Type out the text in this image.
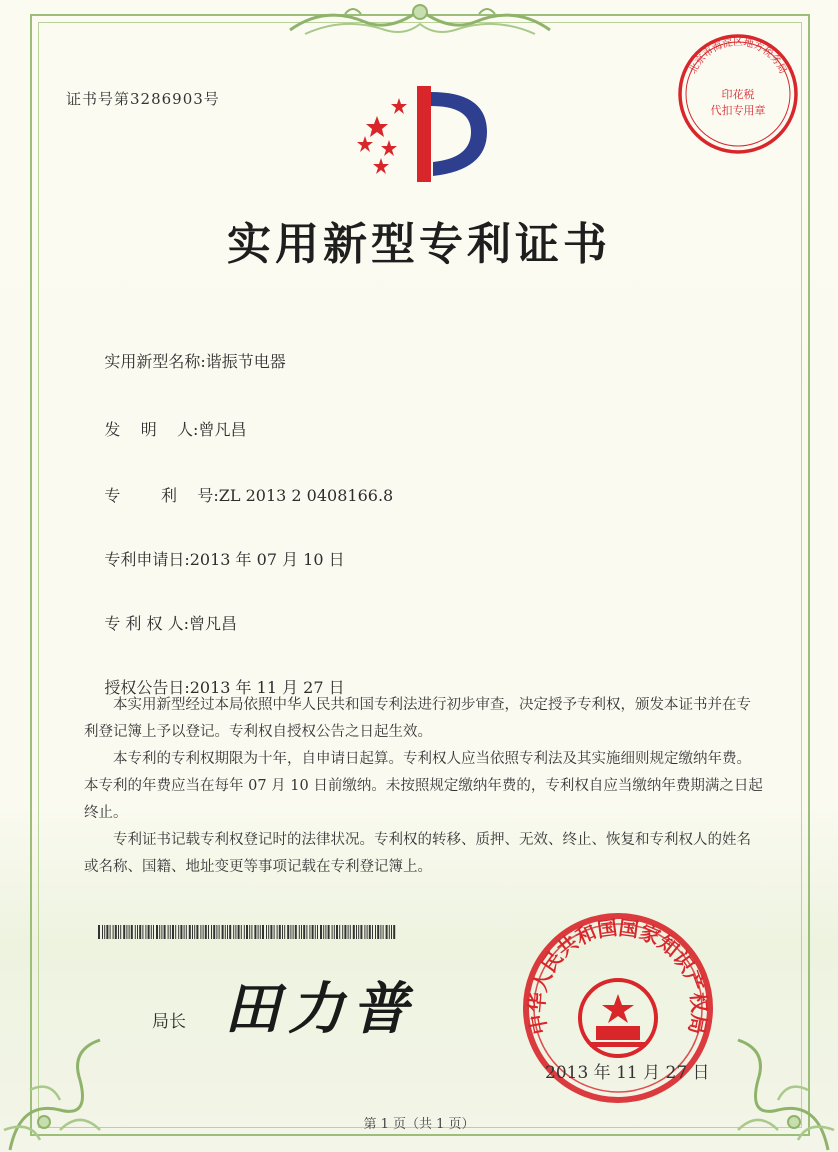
证书号第3286903号
实用新型专利证书

实用新型名称:谐振节电器

发    明    人:曾凡昌

专        利    号:ZL 2013 2 0408166.8

专利申请日:2013 年 07 月 10 日

专 利 权 人:曾凡昌

授权公告日:2013 年 11 月 27 日

本实用新型经过本局依照中华人民共和国专利法进行初步审查，决定授予专利权，颁发本证书并在专利登记簿上予以登记。专利权自授权公告之日起生效。

本专利的专利权期限为十年，自申请日起算。专利权人应当依照专利法及其实施细则规定缴纳年费。本专利的年费应当在每年 07 月 10 日前缴纳。未按照规定缴纳年费的，专利权自应当缴纳年费期满之日起终止。

专利证书记载专利权登记时的法律状况。专利权的转移、质押、无效、终止、恢复和专利权人的姓名或名称、国籍、地址变更等事项记载在专利登记簿上。

局长 田力普	中华人民共和国国家知识产权局
2013 年 11 月 27 日
北京市海淀区地方税务局
印花税
代扣专用章
第 1 页（共 1 页）
